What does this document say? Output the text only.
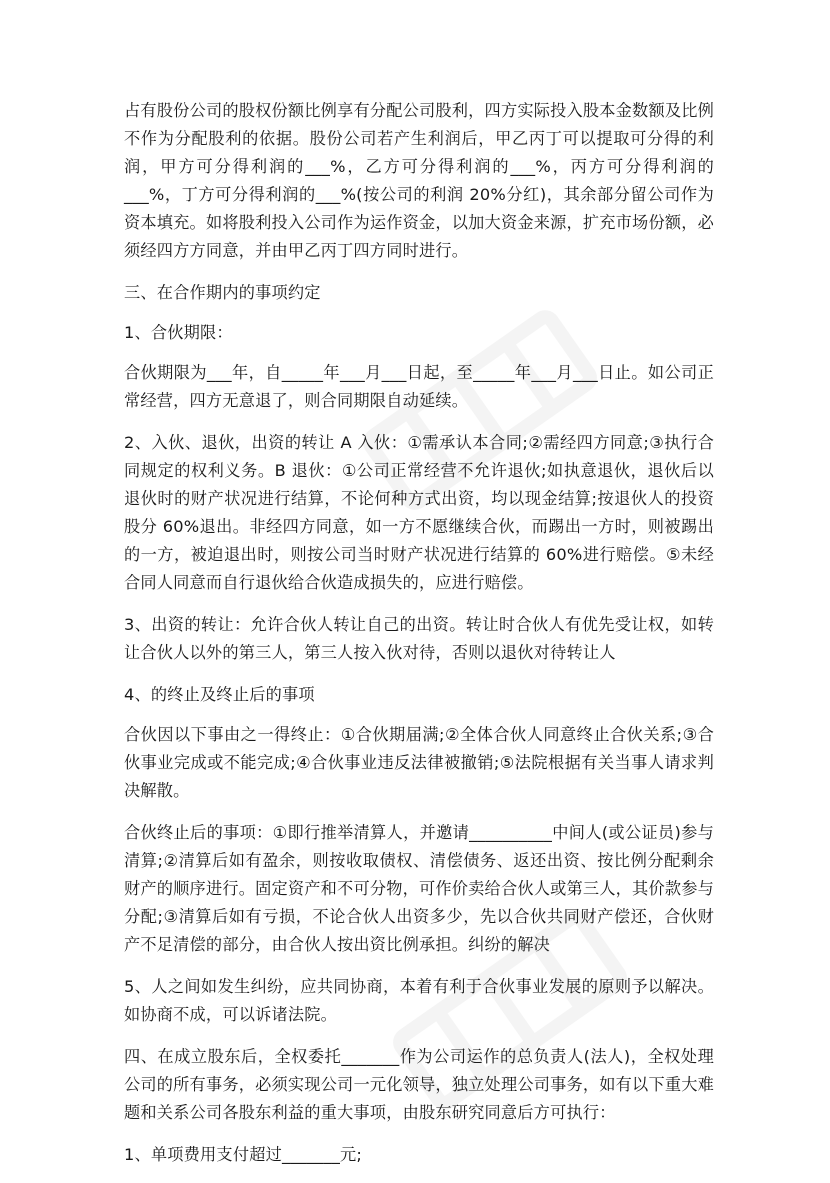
占有股份公司的股权份额比例享有分配公司股利，四方实际投入股本金数额及比例不作为分配股利的依据。股份公司若产生利润后，甲乙丙丁可以提取可分得的利润，甲方可分得利润的___%，乙方可分得利润的___%，丙方可分得利润的___%，丁方可分得利润的___%(按公司的利润 20%分红)，其余部分留公司作为资本填充。如将股利投入公司作为运作资金，以加大资金来源，扩充市场份额，必须经四方方同意，并由甲乙丙丁四方同时进行。

三、在合作期内的事项约定

1、合伙期限：

合伙期限为___年，自_____年___月___日起，至_____年___月___日止。如公司正常经营，四方无意退了，则合同期限自动延续。

2、入伙、退伙，出资的转让 A 入伙：①需承认本合同;②需经四方同意;③执行合同规定的权利义务。B 退伙：①公司正常经营不允许退伙;如执意退伙，退伙后以退伙时的财产状况进行结算，不论何种方式出资，均以现金结算;按退伙人的投资股分 60%退出。非经四方同意，如一方不愿继续合伙，而踢出一方时，则被踢出的一方，被迫退出时，则按公司当时财产状况进行结算的 60%进行赔偿。⑤未经合同人同意而自行退伙给合伙造成损失的，应进行赔偿。

3、出资的转让：允许合伙人转让自己的出资。转让时合伙人有优先受让权，如转让合伙人以外的第三人，第三人按入伙对待，否则以退伙对待转让人

4、的终止及终止后的事项

合伙因以下事由之一得终止：①合伙期届满;②全体合伙人同意终止合伙关系;③合伙事业完成或不能完成;④合伙事业违反法律被撤销;⑤法院根据有关当事人请求判决解散。

合伙终止后的事项：①即行推举清算人，并邀请__________中间人(或公证员)参与清算;②清算后如有盈余，则按收取债权、清偿债务、返还出资、按比例分配剩余财产的顺序进行。固定资产和不可分物，可作价卖给合伙人或第三人，其价款参与分配;③清算后如有亏损，不论合伙人出资多少，先以合伙共同财产偿还，合伙财产不足清偿的部分，由合伙人按出资比例承担。纠纷的解决

5、人之间如发生纠纷，应共同协商，本着有利于合伙事业发展的原则予以解决。如协商不成，可以诉诸法院。

四、在成立股东后，全权委托_______作为公司运作的总负责人(法人)，全权处理公司的所有事务，必须实现公司一元化领导，独立处理公司事务，如有以下重大难题和关系公司各股东利益的重大事项，由股东研究同意后方可执行：

1、单项费用支付超过_______元;
